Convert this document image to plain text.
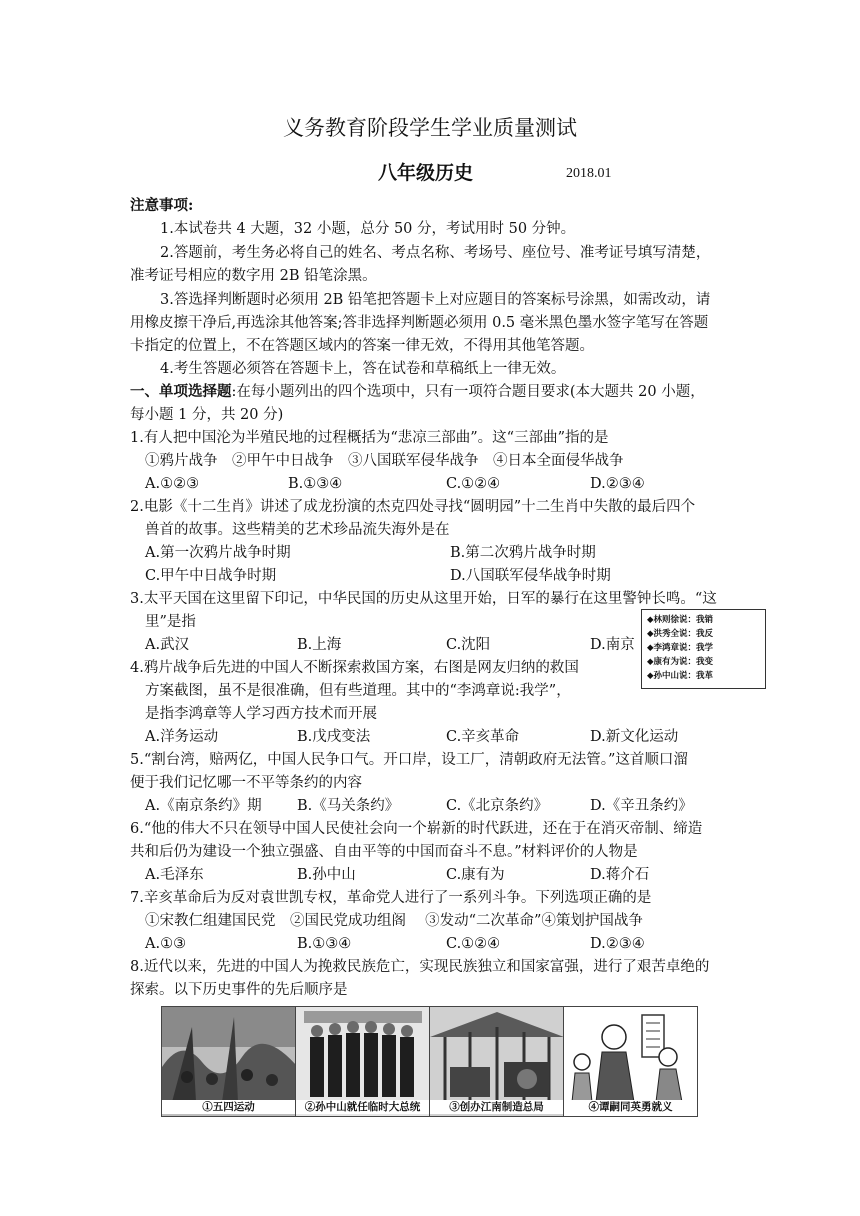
义务教育阶段学生学业质量测试
八年级历史	2018.01
注意事项:
1.本试卷共 4 大题，32 小题，总分 50 分，考试用时 50 分钟。
2.答题前，考生务必将自己的姓名、考点名称、考场号、座位号、准考证号填写清楚，
准考证号相应的数字用 2B 铅笔涂黑。
3.答选择判断题时必须用 2B 铅笔把答题卡上对应题目的答案标号涂黑，如需改动，请
用橡皮擦干净后,再选涂其他答案;答非选择判断题必须用 0.5 毫米黑色墨水签字笔写在答题
卡指定的位置上，不在答题区域内的答案一律无效，不得用其他笔答题。
4.考生答题必须答在答题卡上，答在试卷和草稿纸上一律无效。
一、单项选择题:在每小题列出的四个选项中，只有一项符合题目要求(本大题共 20 小题，
每小题 1 分，共 20 分)
1.有人把中国沦为半殖民地的过程概括为“悲凉三部曲”。这“三部曲”指的是
①鸦片战争　②甲午中日战争　③八国联军侵华战争　④日本全面侵华战争
A.①②③	B.①③④	C.①②④	D.②③④
2.电影《十二生肖》讲述了成龙扮演的杰克四处寻找“圆明园”十二生肖中失散的最后四个
兽首的故事。这些精美的艺术珍品流失海外是在
A.第一次鸦片战争时期	B.第二次鸦片战争时期
C.甲午中日战争时期	D.八国联军侵华战争时期
3.太平天国在这里留下印记，中华民国的历史从这里开始，日军的暴行在这里警钟长鸣。“这
里”是指
A.武汉	B.上海	C.沈阳	D.南京
◆林则徐说：我销
◆洪秀全说：我反
◆李鸿章说：我学
◆康有为说：我变
◆孙中山说：我革
4.鸦片战争后先进的中国人不断探索救国方案，右图是网友归纳的救国
方案截图，虽不是很准确，但有些道理。其中的“李鸿章说:我学”，
是指李鸿章等人学习西方技术而开展
A.洋务运动	B.戊戌变法	C.辛亥革命	D.新文化运动
5.“割台湾，赔两亿，中国人民争口气。开口岸，设工厂，清朝政府无法管。”这首顺口溜
便于我们记忆哪一不平等条约的内容
A.《南京条约》期 B.《马关条约》	C.《北京条约》	D.《辛丑条约》
6.“他的伟大不只在领导中国人民使社会向一个崭新的时代跃进，还在于在消灭帝制、缔造
共和后仍为建设一个独立强盛、自由平等的中国而奋斗不息。”材料评价的人物是
A.毛泽东	B.孙中山	C.康有为	D.蒋介石
7.辛亥革命后为反对袁世凯专权，革命党人进行了一系列斗争。下列选项正确的是
①宋教仁组建国民党　②国民党成功组阁　 ③发动“二次革命”④策划护国战争
A.①③	B.①③④	C.①②④	D.②③④
8.近代以来，先进的中国人为挽救民族危亡，实现民族独立和国家富强，进行了艰苦卓绝的
①五四运动	②孙中山就任临时大总统	③创办江南制造总局	④谭嗣同英勇就义
探索。以下历史事件的先后顺序是
